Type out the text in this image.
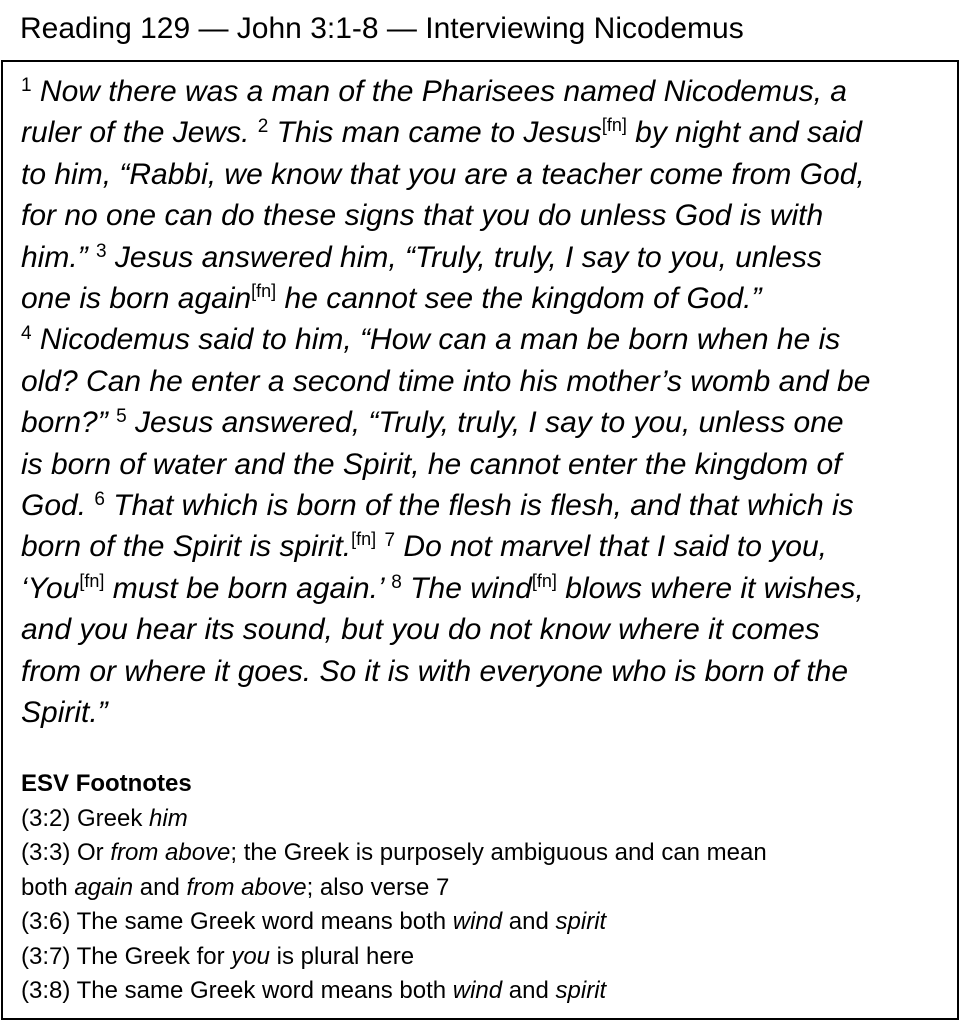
Reading 129 — John 3:1-8 — Interviewing Nicodemus
$^1$ Now there was a man of the Pharisees named Nicodemus, a
ruler of the Jews. $^2$ This man came to Jesus[fn] by night and said
to him, “Rabbi, we know that you are a teacher come from God,
for no one can do these signs that you do unless God is with
him.” $^3$ Jesus answered him, “Truly, truly, I say to you, unless
one is born again[fn] he cannot see the kingdom of God.”
$^4$ Nicodemus said to him, “How can a man be born when he is
old? Can he enter a second time into his mother’s womb and be
born?” $^5$ Jesus answered, “Truly, truly, I say to you, unless one
is born of water and the Spirit, he cannot enter the kingdom of
God. $^6$ That which is born of the flesh is flesh, and that which is
born of the Spirit is spirit.[fn] $^7$ Do not marvel that I said to you,
‘You[fn] must be born again.’ $^8$ The wind[fn] blows where it wishes,
and you hear its sound, but you do not know where it comes
from or where it goes. So it is with everyone who is born of the
Spirit.”
ESV Footnotes
(3:2) Greek him
(3:3) Or from above; the Greek is purposely ambiguous and can mean
both again and from above; also verse 7
(3:6) The same Greek word means both wind and spirit
(3:7) The Greek for you is plural here
(3:8) The same Greek word means both wind and spirit
